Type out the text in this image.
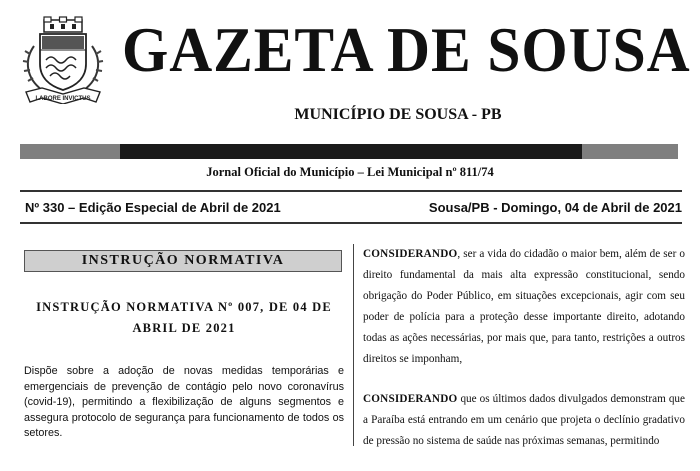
LABORE INVICTUS
GAZETA DE SOUSA
MUNICÍPIO DE SOUSA - PB
Jornal Oficial do Município – Lei Municipal nº 811/74
Nº 330 – Edição Especial de Abril de 2021	Sousa/PB - Domingo, 04 de Abril de 2021
INSTRUÇÃO NORMATIVA
INSTRUÇÃO NORMATIVA Nº 007, DE 04 DE ABRIL DE 2021
Dispõe sobre a adoção de novas medidas temporárias e emergenciais de prevenção de contágio pelo novo coronavírus (covid-19), permitindo a flexibilização de alguns segmentos e assegura protocolo de segurança para funcionamento de todos os setores.

CONSIDERANDO, ser a vida do cidadão o maior bem, além de ser o direito fundamental da mais alta expressão constitucional, sendo obrigação do Poder Público, em situações excepcionais, agir com seu poder de polícia para a proteção desse importante direito, adotando todas as ações necessárias, por mais que, para tanto, restrições a outros direitos se imponham,

CONSIDERANDO que os últimos dados divulgados demonstram que a Paraíba está entrando em um cenário que projeta o declínio gradativo de pressão no sistema de saúde nas próximas semanas, permitindo
